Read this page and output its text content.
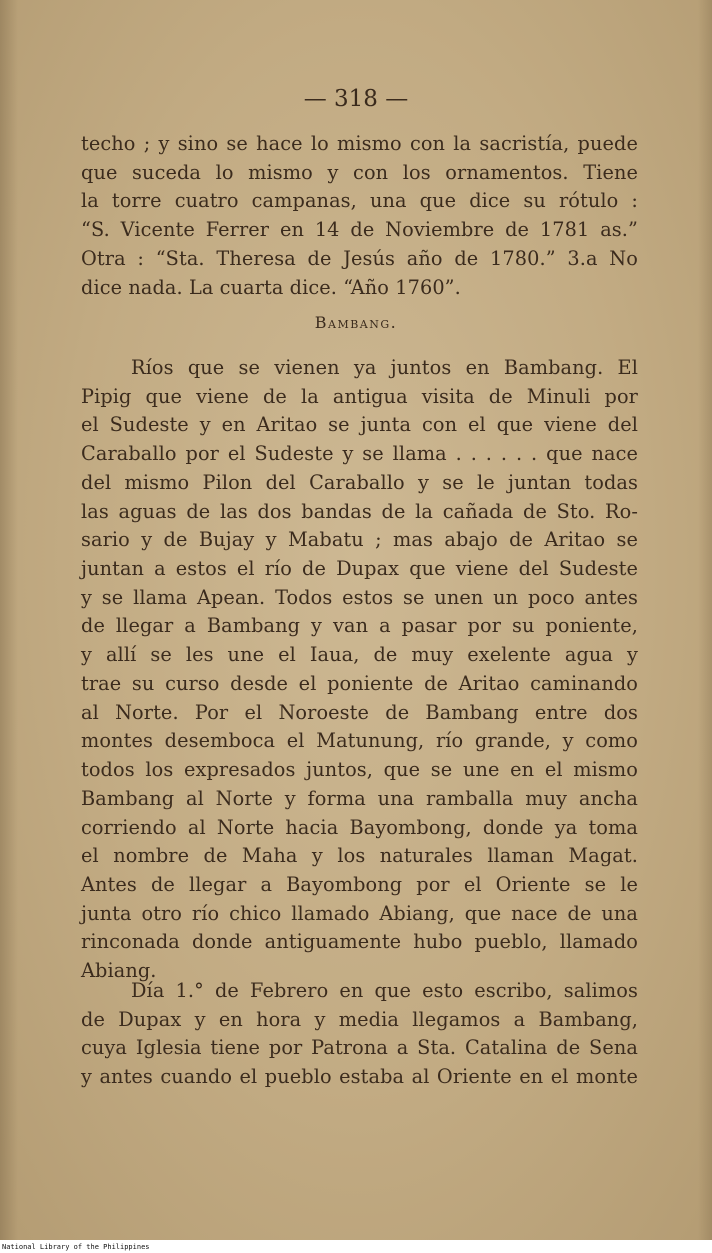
— 318 —
techo ; y sino se hace lo mismo con la sacristía, puede
que suceda lo mismo y con los ornamentos. Tiene
la torre cuatro campanas, una que dice su rótulo :
“S. Vicente Ferrer en 14 de Noviembre de 1781 as.”
Otra : “Sta. Theresa de Jesús año de 1780.” 3.a No
dice nada. La cuarta dice. “Año 1760”.
Bambang.
Ríos que se vienen ya juntos en Bambang. El
Pipig que viene de la antigua visita de Minuli por
el Sudeste y en Aritao se junta con el que viene del
Caraballo por el Sudeste y se llama . . . . . . que nace
del mismo Pilon del Caraballo y se le juntan todas
las aguas de las dos bandas de la cañada de Sto. Ro-
sario y de Bujay y Mabatu ; mas abajo de Aritao se
juntan a estos el río de Dupax que viene del Sudeste
y se llama Apean. Todos estos se unen un poco antes
de llegar a Bambang y van a pasar por su poniente,
y allí se les une el Iaua, de muy exelente agua y
trae su curso desde el poniente de Aritao caminando
al Norte. Por el Noroeste de Bambang entre dos
montes desemboca el Matunung, río grande, y como
todos los expresados juntos, que se une en el mismo
Bambang al Norte y forma una ramballa muy ancha
corriendo al Norte hacia Bayombong, donde ya toma
el nombre de Maha y los naturales llaman Magat.
Antes de llegar a Bayombong por el Oriente se le
junta otro río chico llamado Abiang, que nace de una
rinconada donde antiguamente hubo pueblo, llamado
Abiang.
Día 1.° de Febrero en que esto escribo, salimos
de Dupax y en hora y media llegamos a Bambang,
cuya Iglesia tiene por Patrona a Sta. Catalina de Sena
y antes cuando el pueblo estaba al Oriente en el monte
National Library of the Philippines
